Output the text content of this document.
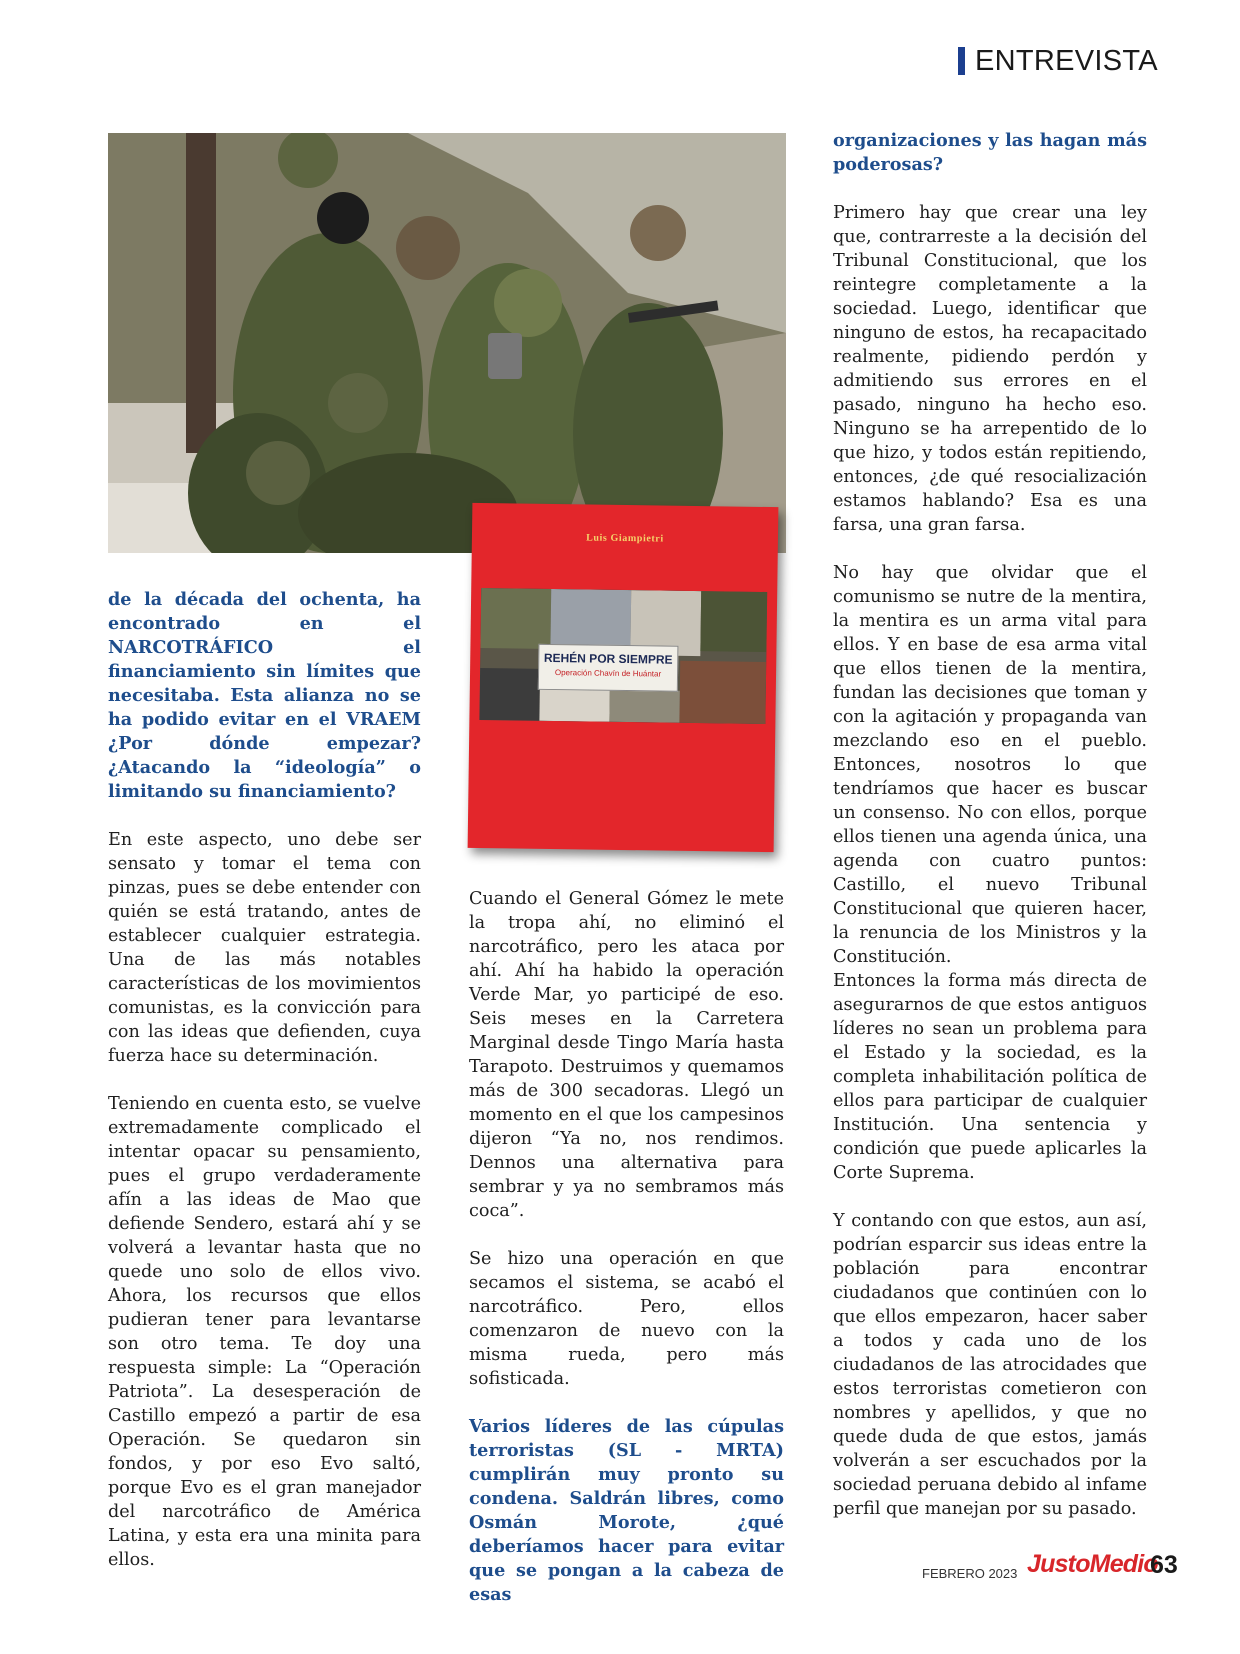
ENTREVISTA
Luis Giampietri
REHÉN POR SIEMPRE
Operación Chavín de Huántar

de la década del ochenta, ha encontrado en el NARCOTRÁFICO el financiamiento sin límites que necesitaba. Esta alianza no se ha podido evitar en el VRAEM ¿Por dónde empezar? ¿Atacando la “ideología” o limitando su financiamiento?

En este aspecto, uno debe ser sensato y tomar el tema con pinzas, pues se debe entender con quién se está tratando, antes de establecer cualquier estrategia. Una de las más notables características de los movimientos comunistas, es la convicción para con las ideas que defienden, cuya fuerza hace su determinación.

Teniendo en cuenta esto, se vuelve extremadamente complicado el intentar opacar su pensamiento, pues el grupo verdaderamente afín a las ideas de Mao que defiende Sendero, estará ahí y se volverá a levantar hasta que no quede uno solo de ellos vivo. Ahora, los recursos que ellos pudieran tener para levantarse son otro tema. Te doy una respuesta simple: La “Operación Patriota”. La desesperación de Castillo empezó a partir de esa Operación. Se quedaron sin fondos, y por eso Evo saltó, porque Evo es el gran manejador del narcotráfico de América Latina, y esta era una minita para ellos.

Cuando el General Gómez le mete la tropa ahí, no eliminó el narcotráfico, pero les ataca por ahí. Ahí ha habido la operación Verde Mar, yo participé de eso. Seis meses en la Carretera Marginal desde Tingo María hasta Tarapoto. Destruimos y quemamos más de 300 secadoras. Llegó un momento en el que los campesinos dijeron “Ya no, nos rendimos. Dennos una alternativa para sembrar y ya no sembramos más coca”.

Se hizo una operación en que secamos el sistema, se acabó el narcotráfico. Pero, ellos comenzaron de nuevo con la misma rueda, pero más sofisticada.

Varios líderes de las cúpulas terroristas (SL - MRTA) cumplirán muy pronto su condena. Saldrán libres, como Osmán Morote, ¿qué deberíamos hacer para evitar que se pongan a la cabeza de esas

organizaciones y las hagan más poderosas?

Primero hay que crear una ley que, contrarreste a la decisión del Tribunal Constitucional, que los reintegre completamente a la sociedad. Luego, identificar que ninguno de estos, ha recapacitado realmente, pidiendo perdón y admitiendo sus errores en el pasado, ninguno ha hecho eso. Ninguno se ha arrepentido de lo que hizo, y todos están repitiendo, entonces, ¿de qué resocialización estamos hablando? Esa es una farsa, una gran farsa.

No hay que olvidar que el comunismo se nutre de la mentira, la mentira es un arma vital para ellos. Y en base de esa arma vital que ellos tienen de la mentira, fundan las decisiones que toman y con la agitación y propaganda van mezclando eso en el pueblo. Entonces, nosotros lo que tendríamos que hacer es buscar un consenso. No con ellos, porque ellos tienen una agenda única, una agenda con cuatro puntos: Castillo, el nuevo Tribunal Constitucional que quieren hacer, la renuncia de los Ministros y la Constitución.

Entonces la forma más directa de asegurarnos de que estos antiguos líderes no sean un problema para el Estado y la sociedad, es la completa inhabilitación política de ellos para participar de cualquier Institución. Una sentencia y condición que puede aplicarles la Corte Suprema.

Y contando con que estos, aun así, podrían esparcir sus ideas entre la población para encontrar ciudadanos que continúen con lo que ellos empezaron, hacer saber a todos y cada uno de los ciudadanos de las atrocidades que estos terroristas cometieron con nombres y apellidos, y que no quede duda de que estos, jamás volverán a ser escuchados por la sociedad peruana debido al infame perfil que manejan por su pasado.

FEBRERO 2023 JustoMedio
63
